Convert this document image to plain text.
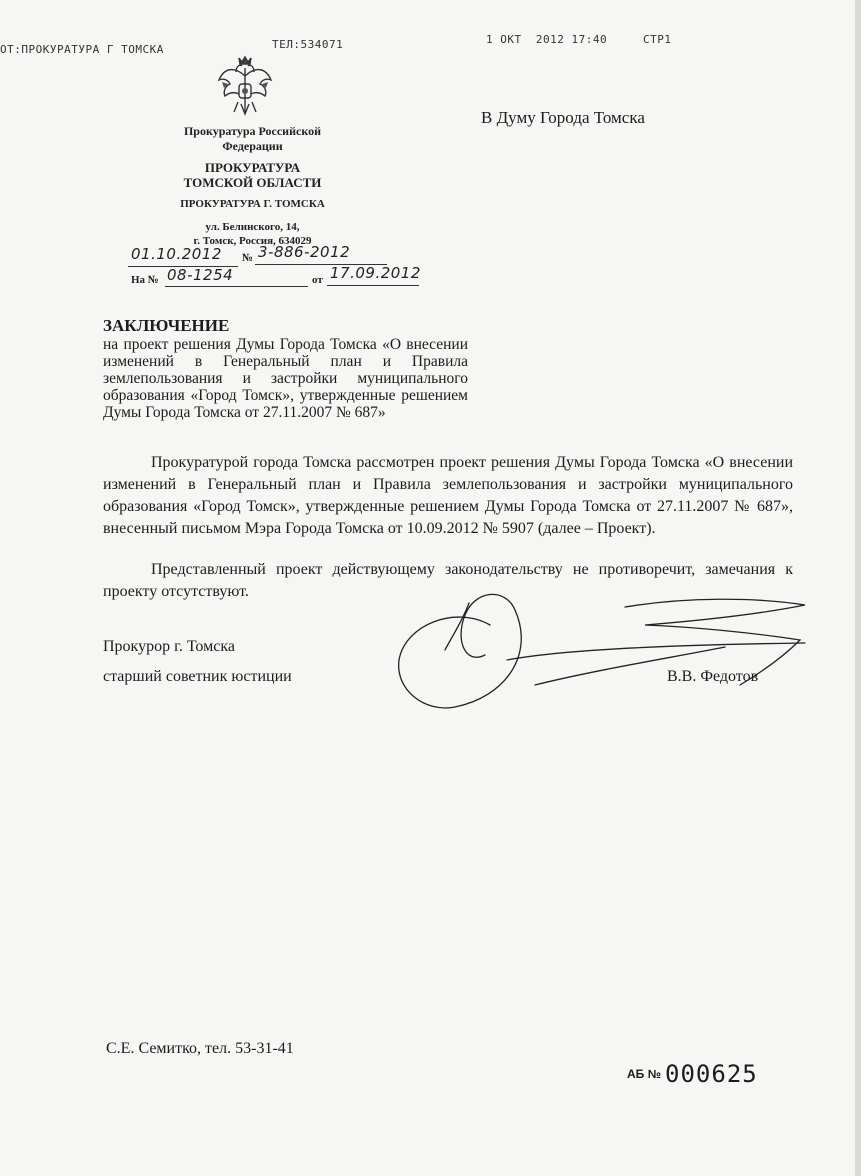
ОТ:ПРОКУРАТУРА Г ТОМСКА	ТЕЛ:534071	1 ОКТ  2012 17:40	СТР1
Прокуратура Российской
Федерации
ПРОКУРАТУРА
ТОМСКОЙ ОБЛАСТИ
ПРОКУРАТУРА Г. ТОМСКА
ул. Белинского, 14,
г. Томск, Россия, 634029
01.10.2012 № 3-886-2012
На № 08-1254	от 17.09.2012
В Думу Города Томска
ЗАКЛЮЧЕНИЕ
на проект решения Думы Города Томска «О внесении изменений в Генеральный план и Правила землепользования и застройки муниципального образования «Город Томск», утвержденные решением Думы Города Томска от 27.11.2007 № 687»
Прокуратурой города Томска рассмотрен проект решения Думы Города Томска «О внесении изменений в Генеральный план и Правила землепользования и застройки муниципального образования «Город Томск», утвержденные решением Думы Города Томска от 27.11.2007 № 687», внесенный письмом Мэра Города Томска от 10.09.2012 № 5907 (далее – Проект).
Представленный проект действующему законодательству не противоречит, замечания к проекту отсутствуют.
Прокурор г. Томска
старший советник юстиции	В.В. Федотов
С.Е. Семитко, тел. 53-31-41
АБ № 000625
